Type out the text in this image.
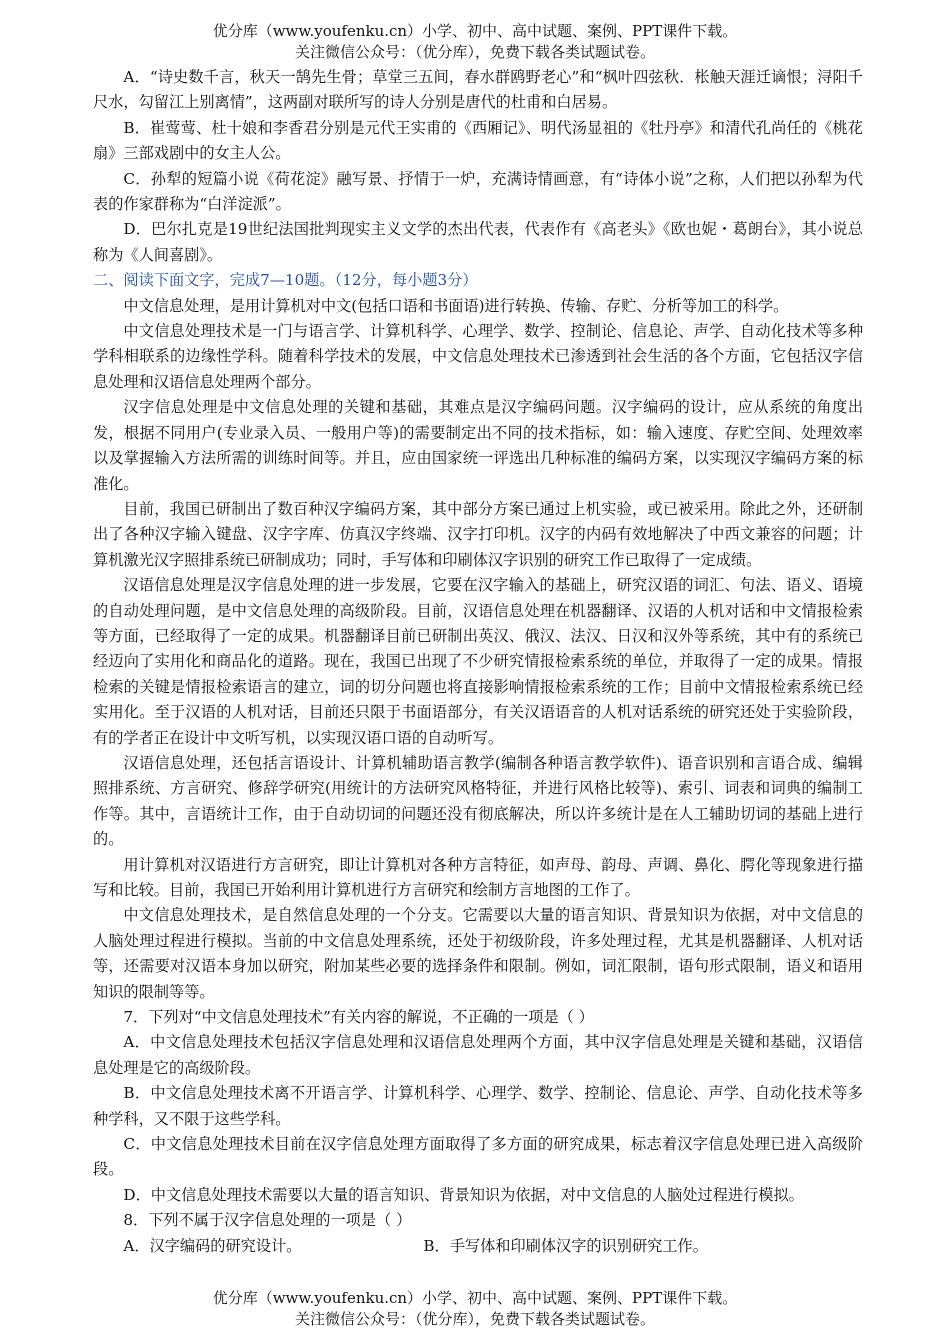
优分库（www.youfenku.cn）小学、初中、高中试题、案例、PPT课件下载。
关注微信公众号：（优分库），免费下载各类试题试卷。

A．“诗史数千言，秋天一鹄先生骨；草堂三五间，春水群鸥野老心”和“枫叶四弦秋．枨触天涯迁谪恨；浔阳千尺水，勾留江上别离情”，这两副对联所写的诗人分别是唐代的杜甫和白居易。

B．崔莺莺、杜十娘和李香君分别是元代王实甫的《西厢记》、明代汤显祖的《牡丹亭》和清代孔尚任的《桃花扇》三部戏剧中的女主人公。

C．孙犁的短篇小说《荷花淀》融写景、抒情于一炉，充满诗情画意，有“诗体小说”之称，人们把以孙犁为代表的作家群称为“白洋淀派”。

D．巴尔扎克是19世纪法国批判现实主义文学的杰出代表，代表作有《高老头》《欧也妮・葛朗台》，其小说总称为《人间喜剧》。

二、阅读下面文字，完成7—10题。（12分，每小题3分）

中文信息处理，是用计算机对中文(包括口语和书面语)进行转换、传输、存贮、分析等加工的科学。

中文信息处理技术是一门与语言学、计算机科学、心理学、数学、控制论、信息论、声学、自动化技术等多种学科相联系的边缘性学科。随着科学技术的发展，中文信息处理技术已渗透到社会生活的各个方面，它包括汉字信息处理和汉语信息处理两个部分。

汉字信息处理是中文信息处理的关键和基础，其难点是汉字编码问题。汉字编码的设计，应从系统的角度出发，根据不同用户(专业录入员、一般用户等)的需要制定出不同的技术指标，如：输入速度、存贮空间、处理效率以及掌握输入方法所需的训练时间等。并且，应由国家统一评选出几种标准的编码方案，以实现汉字编码方案的标准化。

目前，我国已研制出了数百种汉字编码方案，其中部分方案已通过上机实验，或已被采用。除此之外，还研制出了各种汉字输入键盘、汉字字库、仿真汉字终端、汉字打印机。汉字的内码有效地解决了中西文兼容的问题；计算机激光汉字照排系统已研制成功；同时，手写体和印刷体汉字识别的研究工作已取得了一定成绩。

汉语信息处理是汉字信息处理的进一步发展，它要在汉字输入的基础上，研究汉语的词汇、句法、语义、语境的自动处理问题，是中文信息处理的高级阶段。目前，汉语信息处理在机器翻译、汉语的人机对话和中文情报检索等方面，已经取得了一定的成果。机器翻译目前已研制出英汉、俄汉、法汉、日汉和汉外等系统，其中有的系统已经迈向了实用化和商品化的道路。现在，我国已出现了不少研究情报检索系统的单位，并取得了一定的成果。情报检索的关键是情报检索语言的建立，词的切分问题也将直接影响情报检索系统的工作；目前中文情报检索系统已经实用化。至于汉语的人机对话，目前还只限于书面语部分，有关汉语语音的人机对话系统的研究还处于实验阶段，有的学者正在设计中文听写机，以实现汉语口语的自动听写。

汉语信息处理，还包括言语设计、计算机辅助语言教学(编制各种语言教学软件)、语音识别和言语合成、编辑照排系统、方言研究、修辞学研究(用统计的方法研究风格特征，并进行风格比较等)、索引、词表和词典的编制工作等。其中，言语统计工作，由于自动切词的问题还没有彻底解决，所以许多统计是在人工辅助切词的基础上进行的。

用计算机对汉语进行方言研究，即让计算机对各种方言特征，如声母、韵母、声调、鼻化、腭化等现象进行描写和比较。目前，我国已开始利用计算机进行方言研究和绘制方言地图的工作了。

中文信息处理技术，是自然信息处理的一个分支。它需要以大量的语言知识、背景知识为依据，对中文信息的人脑处理过程进行模拟。当前的中文信息处理系统，还处于初级阶段，许多处理过程，尤其是机器翻译、人机对话等，还需要对汉语本身加以研究，附加某些必要的选择条件和限制。例如，词汇限制，语句形式限制，语义和语用知识的限制等等。

7．下列对“中文信息处理技术”有关内容的解说，不正确的一项是（ ）

A．中文信息处理技术包括汉字信息处理和汉语信息处理两个方面，其中汉字信息处理是关键和基础，汉语信息处理是它的高级阶段。

B．中文信息处理技术离不开语言学、计算机科学、心理学、数学、控制论、信息论、声学、自动化技术等多种学科，又不限于这些学科。

C．中文信息处理技术目前在汉字信息处理方面取得了多方面的研究成果，标志着汉字信息处理已进入高级阶段。

D．中文信息处理技术需要以大量的语言知识、背景知识为依据，对中文信息的人脑处过程进行模拟。

8．下列不属于汉字信息处理的一项是（ ）

A．汉字编码的研究设计。	B．手写体和印刷体汉字的识别研究工作。

优分库（www.youfenku.cn）小学、初中、高中试题、案例、PPT课件下载。
关注微信公众号：（优分库），免费下载各类试题试卷。
